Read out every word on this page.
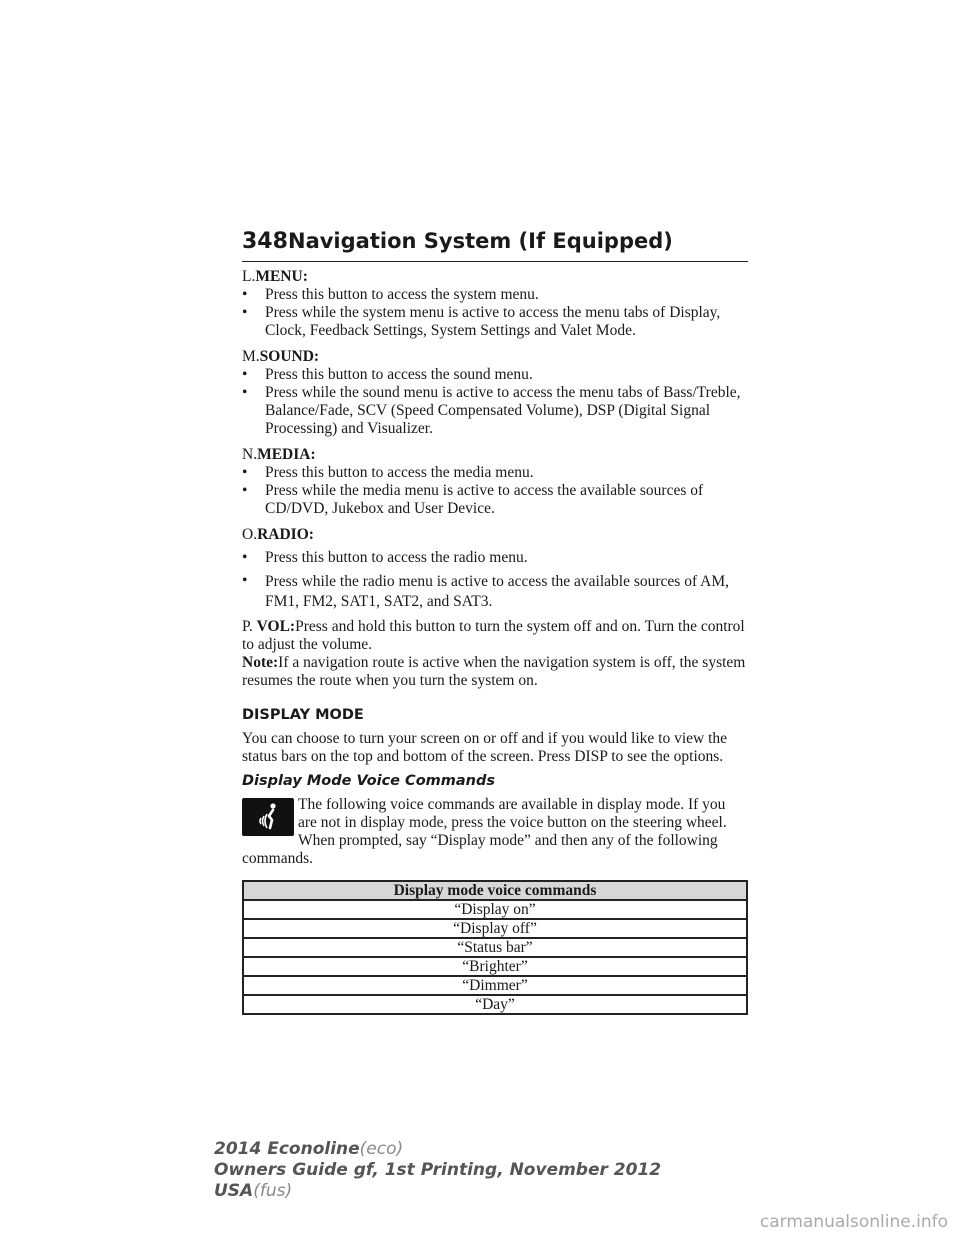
348 Navigation System (If Equipped)
L.MENU:
• Press this button to access the system menu.
• Press while the system menu is active to access the menu tabs of Display, Clock, Feedback Settings, System Settings and Valet Mode.
M.SOUND:
• Press this button to access the sound menu.
• Press while the sound menu is active to access the menu tabs of Bass/Treble, Balance/Fade, SCV (Speed Compensated Volume), DSP (Digital Signal Processing) and Visualizer.
N.MEDIA:
• Press this button to access the media menu.
• Press while the media menu is active to access the available sources of CD/DVD, Jukebox and User Device.
O.RADIO:
• Press this button to access the radio menu.
• Press while the radio menu is active to access the available sources of AM, FM1, FM2, SAT1, SAT2, and SAT3.

P. VOL:Press and hold this button to turn the system off and on. Turn the control to adjust the volume.

Note:If a navigation route is active when the navigation system is off, the system resumes the route when you turn the system on.

DISPLAY MODE

You can choose to turn your screen on or off and if you would like to view the status bars on the top and bottom of the screen. Press DISP to see the options.

Display Mode Voice Commands
The following voice commands are available in display mode. If you are not in display mode, press the voice button on the steering wheel. When prompted, say “Display mode” and then any of the following commands.
Display mode voice commands
“Display on”
“Display off”
“Status bar”
“Brighter”
“Dimmer”
“Day”
2014 Econoline(eco)
Owners Guide gf, 1st Printing, November 2012
USA(fus)
carmanualsonline.info
